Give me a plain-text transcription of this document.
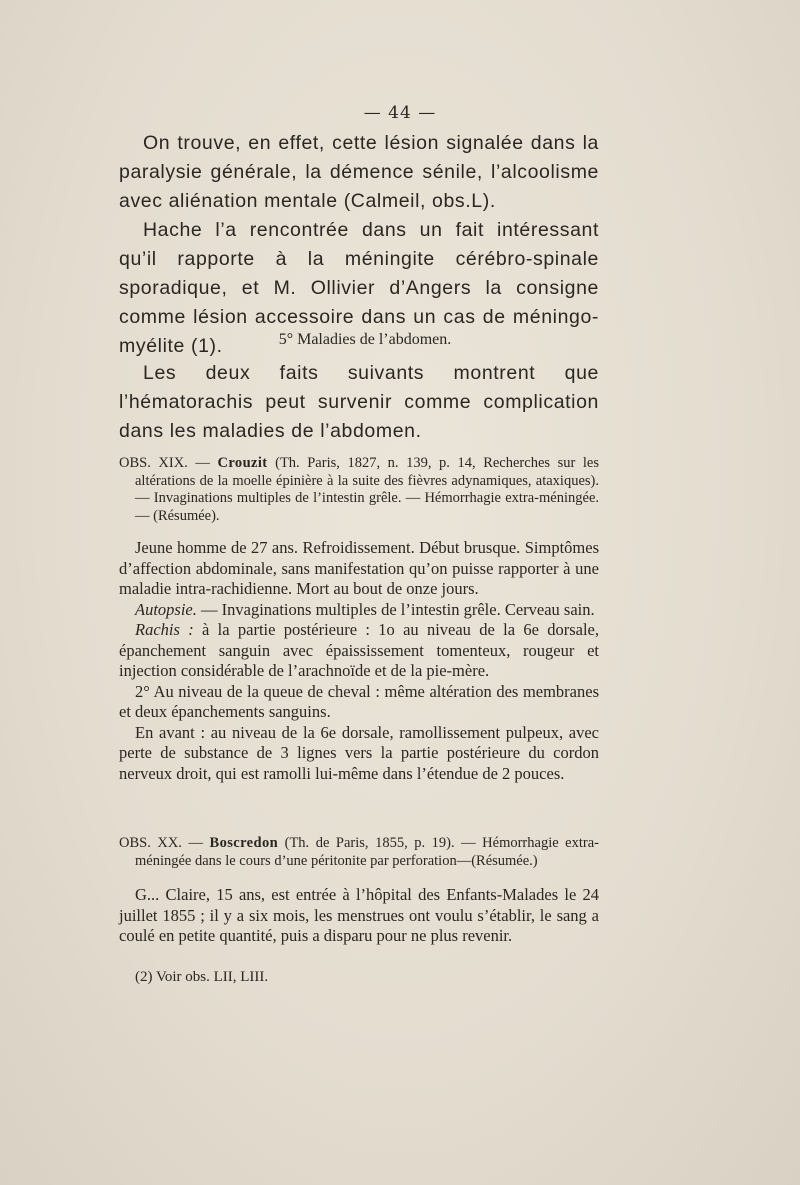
— 44 —

On trouve, en effet, cette lésion signalée dans la paralysie générale, la démence sénile, l’alcoolisme avec aliénation mentale (Calmeil, obs.L).

Hache l’a rencontrée dans un fait intéressant qu’il rapporte à la méningite cérébro-spinale sporadique, et M. Ollivier d’Angers la consigne comme lésion accessoire dans un cas de méningo-myélite (1).	5° Maladies de l’abdomen.

Les deux faits suivants montrent que l’hématorachis peut survenir comme complication dans les maladies de l’abdomen.

OBS. XIX. — Crouzit (Th. Paris, 1827, n. 139, p. 14, Recherches sur les altérations de la moelle épinière à la suite des fièvres adynamiques, ataxiques). — Invaginations multiples de l’intestin grêle. — Hémorrhagie extra-méningée.— (Résumée).

Jeune homme de 27 ans. Refroidissement. Début brusque. Simptômes d’affection abdominale, sans manifestation qu’on puisse rapporter à une maladie intra-rachidienne. Mort au bout de onze jours.

Autopsie. — Invaginations multiples de l’intestin grêle. Cerveau sain.

Rachis : à la partie postérieure : 1o au niveau de la 6e dorsale, épanchement sanguin avec épaississement tomenteux, rougeur et injection considérable de l’arachnoïde et de la pie-mère.

2° Au niveau de la queue de cheval : même altération des membranes et deux épanchements sanguins.

En avant : au niveau de la 6e dorsale, ramollissement pulpeux, avec perte de substance de 3 lignes vers la partie postérieure du cordon nerveux droit, qui est ramolli lui-même dans l’étendue de 2 pouces.

OBS. XX. — Boscredon (Th. de Paris, 1855, p. 19). — Hémorrhagie extra-méningée dans le cours d’une péritonite par perforation—(Résumée.)

G... Claire, 15 ans, est entrée à l’hôpital des Enfants-Malades le 24 juillet 1855 ; il y a six mois, les menstrues ont voulu s’établir, le sang a coulé en petite quantité, puis a disparu pour ne plus revenir.

(2) Voir obs. LII, LIII.
